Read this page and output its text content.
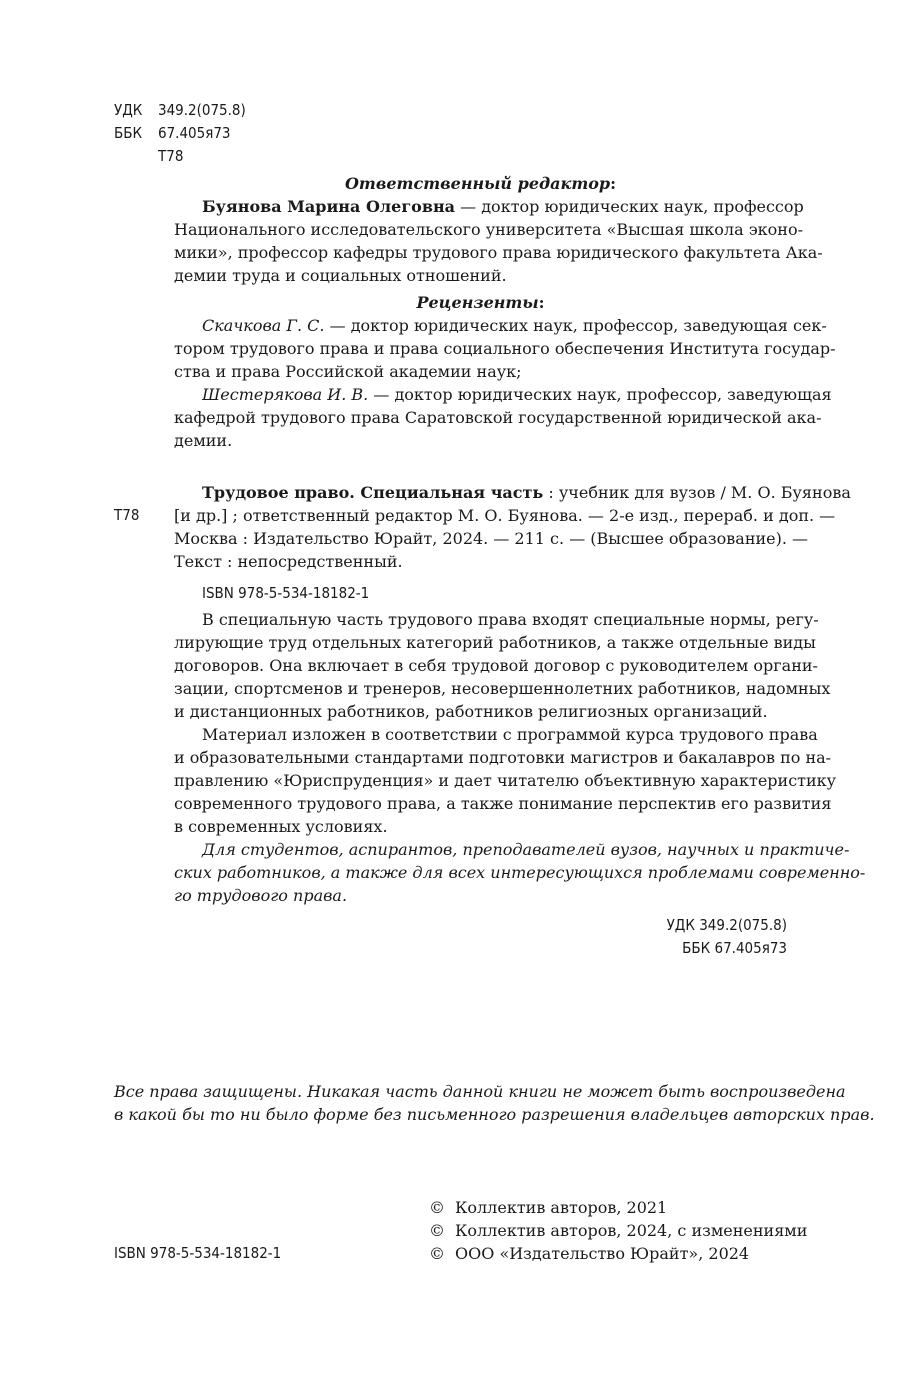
УДК 349.2(075.8)
ББК 67.405я73
Т78
Ответственный редактор:
Буянова Марина Олеговна — доктор юридических наук, профессор
Национального исследовательского университета «Высшая школа эконо-
мики», профессор кафедры трудового права юридического факультета Ака-
демии труда и социальных отношений.
Рецензенты:
Скачкова Г. С. — доктор юридических наук, профессор, заведующая сек-
тором трудового права и права социального обеспечения Института государ-
ства и права Российской академии наук;
Шестерякова И. В. — доктор юридических наук, профессор, заведующая
кафедрой трудового права Саратовской государственной юридической ака-
демии.
Трудовое право. Специальная часть : учебник для вузов / М. О. Буянова
Т78 [и др.] ; ответственный редактор М. О. Буянова. — 2-е изд., перераб. и доп. —
Москва : Издательство Юрайт, 2024. — 211 с. — (Высшее образование). —
Текст : непосредственный.
ISBN 978-5-534-18182-1
В специальную часть трудового права входят специальные нормы, регу-
лирующие труд отдельных категорий работников, а также отдельные виды
договоров. Она включает в себя трудовой договор с руководителем органи-
зации, спортсменов и тренеров, несовершеннолетних работников, надомных
и дистанционных работников, работников религиозных организаций.
Материал изложен в соответствии с программой курса трудового права
и образовательными стандартами подготовки магистров и бакалавров по на-
правлению «Юриспруденция» и дает читателю объективную характеристику
современного трудового права, а также понимание перспектив его развития
в современных условиях.
Для студентов, аспирантов, преподавателей вузов, научных и практиче-
ских работников, а также для всех интересующихся проблемами современно-
го трудового права.
УДК 349.2(075.8)
ББК 67.405я73
Все права защищены. Никакая часть данной книги не может быть воспроизведена
в какой бы то ни было форме без письменного разрешения владельцев авторских прав.
© Коллектив авторов, 2021
© Коллектив авторов, 2024, с изменениями
ISBN 978-5-534-18182-1	© ООО «Издательство Юрайт», 2024
